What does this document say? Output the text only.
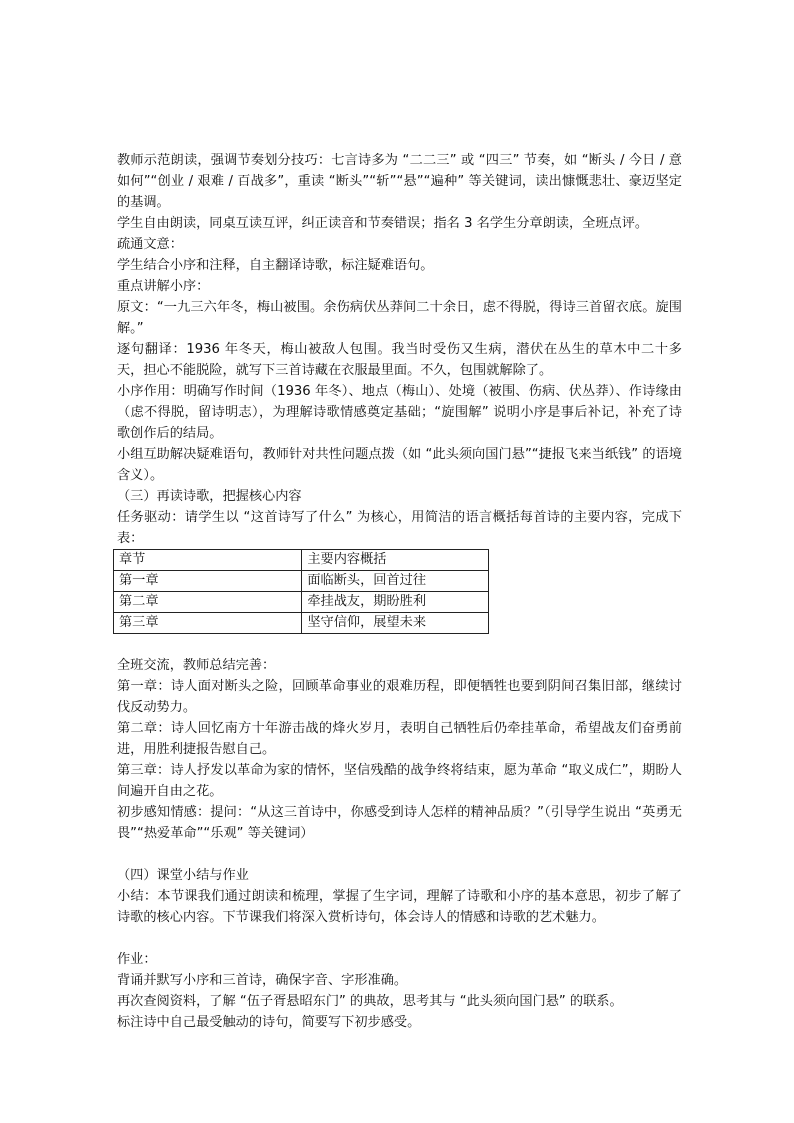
教师示范朗读，强调节奏划分技巧：七言诗多为 “二二三” 或 “四三” 节奏，如 “断头 / 今日 / 意如何”“创业 / 艰难 / 百战多”，重读 “断头”“斩”“悬”“遍种” 等关键词，读出慷慨悲壮、豪迈坚定的基调。

学生自由朗读，同桌互读互评，纠正读音和节奏错误；指名 3 名学生分章朗读，全班点评。

疏通文意：

学生结合小序和注释，自主翻译诗歌，标注疑难语句。

重点讲解小序：

原文：“一九三六年冬，梅山被围。余伤病伏丛莽间二十余日，虑不得脱，得诗三首留衣底。旋围解。”

逐句翻译：1936 年冬天，梅山被敌人包围。我当时受伤又生病，潜伏在丛生的草木中二十多天，担心不能脱险，就写下三首诗藏在衣服最里面。不久，包围就解除了。

小序作用：明确写作时间（1936 年冬）、地点（梅山）、处境（被围、伤病、伏丛莽）、作诗缘由（虑不得脱，留诗明志），为理解诗歌情感奠定基础；“旋围解” 说明小序是事后补记，补充了诗歌创作后的结局。

小组互助解决疑难语句，教师针对共性问题点拨（如 “此头须向国门悬”“捷报飞来当纸钱” 的语境含义）。

（三）再读诗歌，把握核心内容

任务驱动：请学生以 “这首诗写了什么” 为核心，用简洁的语言概括每首诗的主要内容，完成下表：

章节	主要内容概括
第一章	面临断头，回首过往
第二章	牵挂战友，期盼胜利
第三章	坚守信仰，展望未来

全班交流，教师总结完善：

第一章：诗人面对断头之险，回顾革命事业的艰难历程，即便牺牲也要到阴间召集旧部，继续讨伐反动势力。

第二章：诗人回忆南方十年游击战的烽火岁月，表明自己牺牲后仍牵挂革命，希望战友们奋勇前进，用胜利捷报告慰自己。

第三章：诗人抒发以革命为家的情怀，坚信残酷的战争终将结束，愿为革命 “取义成仁”，期盼人间遍开自由之花。

初步感知情感：提问：“从这三首诗中，你感受到诗人怎样的精神品质？”（引导学生说出 “英勇无畏”“热爱革命”“乐观” 等关键词）

（四）课堂小结与作业

小结：本节课我们通过朗读和梳理，掌握了生字词，理解了诗歌和小序的基本意思，初步了解了诗歌的核心内容。下节课我们将深入赏析诗句，体会诗人的情感和诗歌的艺术魅力。

作业：

背诵并默写小序和三首诗，确保字音、字形准确。

再次查阅资料，了解 “伍子胥悬昭东门” 的典故，思考其与 “此头须向国门悬” 的联系。

标注诗中自己最受触动的诗句，简要写下初步感受。
